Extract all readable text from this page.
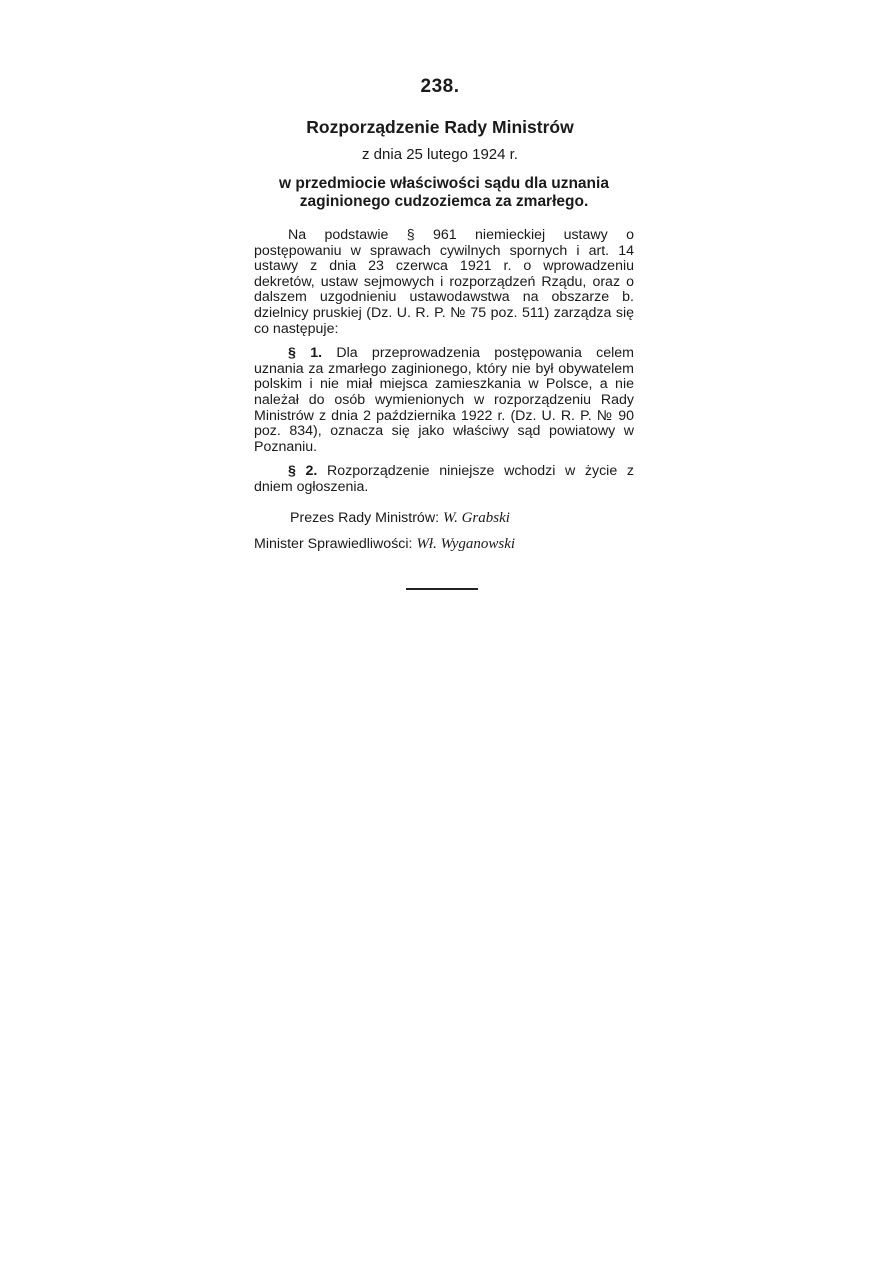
238.
Rozporządzenie Rady Ministrów
z dnia 25 lutego 1924 r.
w przedmiocie właściwości sądu dla uznania zaginionego cudzoziemca za zmarłego.

Na podstawie § 961 niemieckiej ustawy o postępowaniu w sprawach cywilnych spornych i art. 14 ustawy z dnia 23 czerwca 1921 r. o wprowadzeniu dekretów, ustaw sejmowych i rozporządzeń Rządu, oraz o dalszem uzgodnieniu ustawodawstwa na obszarze b. dzielnicy pruskiej (Dz. U. R. P. № 75 poz. 511) zarządza się co następuje:

§ 1. Dla przeprowadzenia postępowania celem uznania za zmarłego zaginionego, który nie był obywatelem polskim i nie miał miejsca zamieszkania w Polsce, a nie należał do osób wymienionych w rozporządzeniu Rady Ministrów z dnia 2 października 1922 r. (Dz. U. R. P. № 90 poz. 834), oznacza się jako właściwy sąd powiatowy w Poznaniu.

§ 2. Rozporządzenie niniejsze wchodzi w życie z dniem ogłoszenia.

Prezes Rady Ministrów: W. Grabski
Minister Sprawiedliwości: Wł. Wyganowski
